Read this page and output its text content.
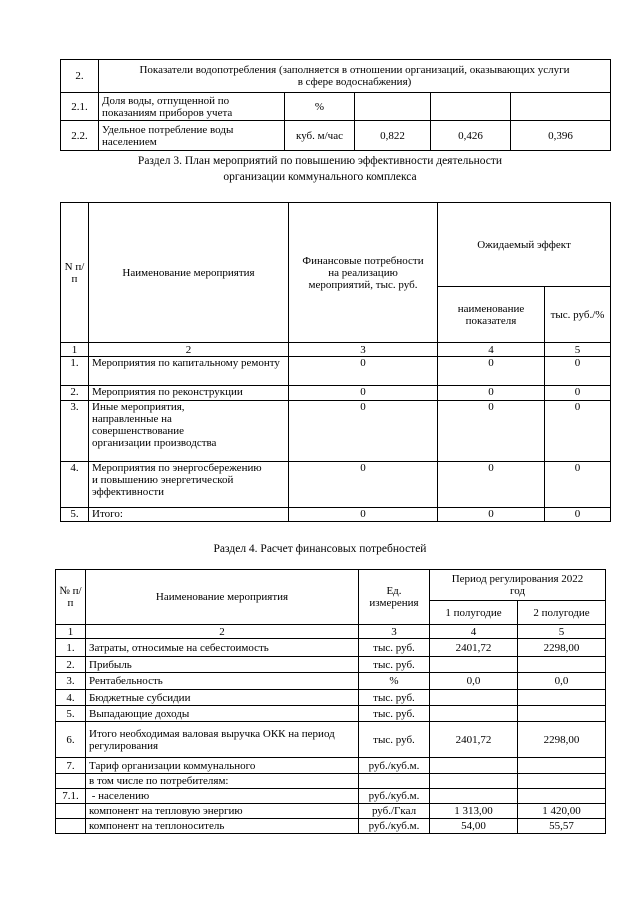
2.	Показатели водопотребления (заполняется в отношении организаций, оказывающих услуги в сфере водоснабжения)				
2.1.	Доля воды, отпущенной по показаниям приборов учета	%			
2.2.	Удельное потребление воды населением	куб. м/час	0,822	0,426	0,396
Раздел 3. План мероприятий по повышению эффективности деятельности
организации коммунального комплекса
N п/ п	Наименование мероприятия	Финансовые потребности на реализацию мероприятий, тыс. руб.	Ожидаемый эффект	
			наименование показателя	тыс. руб./%
1	2	3	4	5
1.	Мероприятия по капитальному ремонту	0	0	0
2.	Мероприятия по реконструкции	0	0	0
3.	Иные мероприятия, направленные на совершенствование организации производства	0	0	0
4.	Мероприятия по энергосбережению и повышению энергетической эффективности	0	0	0
5.	Итого:	0	0	0
Раздел 4. Расчет финансовых потребностей
№ п/п	Наименование мероприятия	Ед. измерения	Период регулирования 2022 год	
			1 полугодие	2 полугодие
1	2	3	4	5
1.	Затраты, относимые на себестоимость	тыс. руб.	2401,72	2298,00
2.	Прибыль	тыс. руб.		
3.	Рентабельность	%	0,0	0,0
4.	Бюджетные субсидии	тыс. руб.		
5.	Выпадающие доходы	тыс. руб.		
6.	Итого необходимая валовая выручка ОКК на период регулирования	тыс. руб.	2401,72	2298,00
7.	Тариф организации коммунального	руб./куб.м.		
	в том числе по потребителям:			
7.1.	- населению	руб./куб.м.		
	компонент на тепловую энергию	руб./Гкал	1 313,00	1 420,00
	компонент на теплоноситель	руб./куб.м.	54,00	55,57
